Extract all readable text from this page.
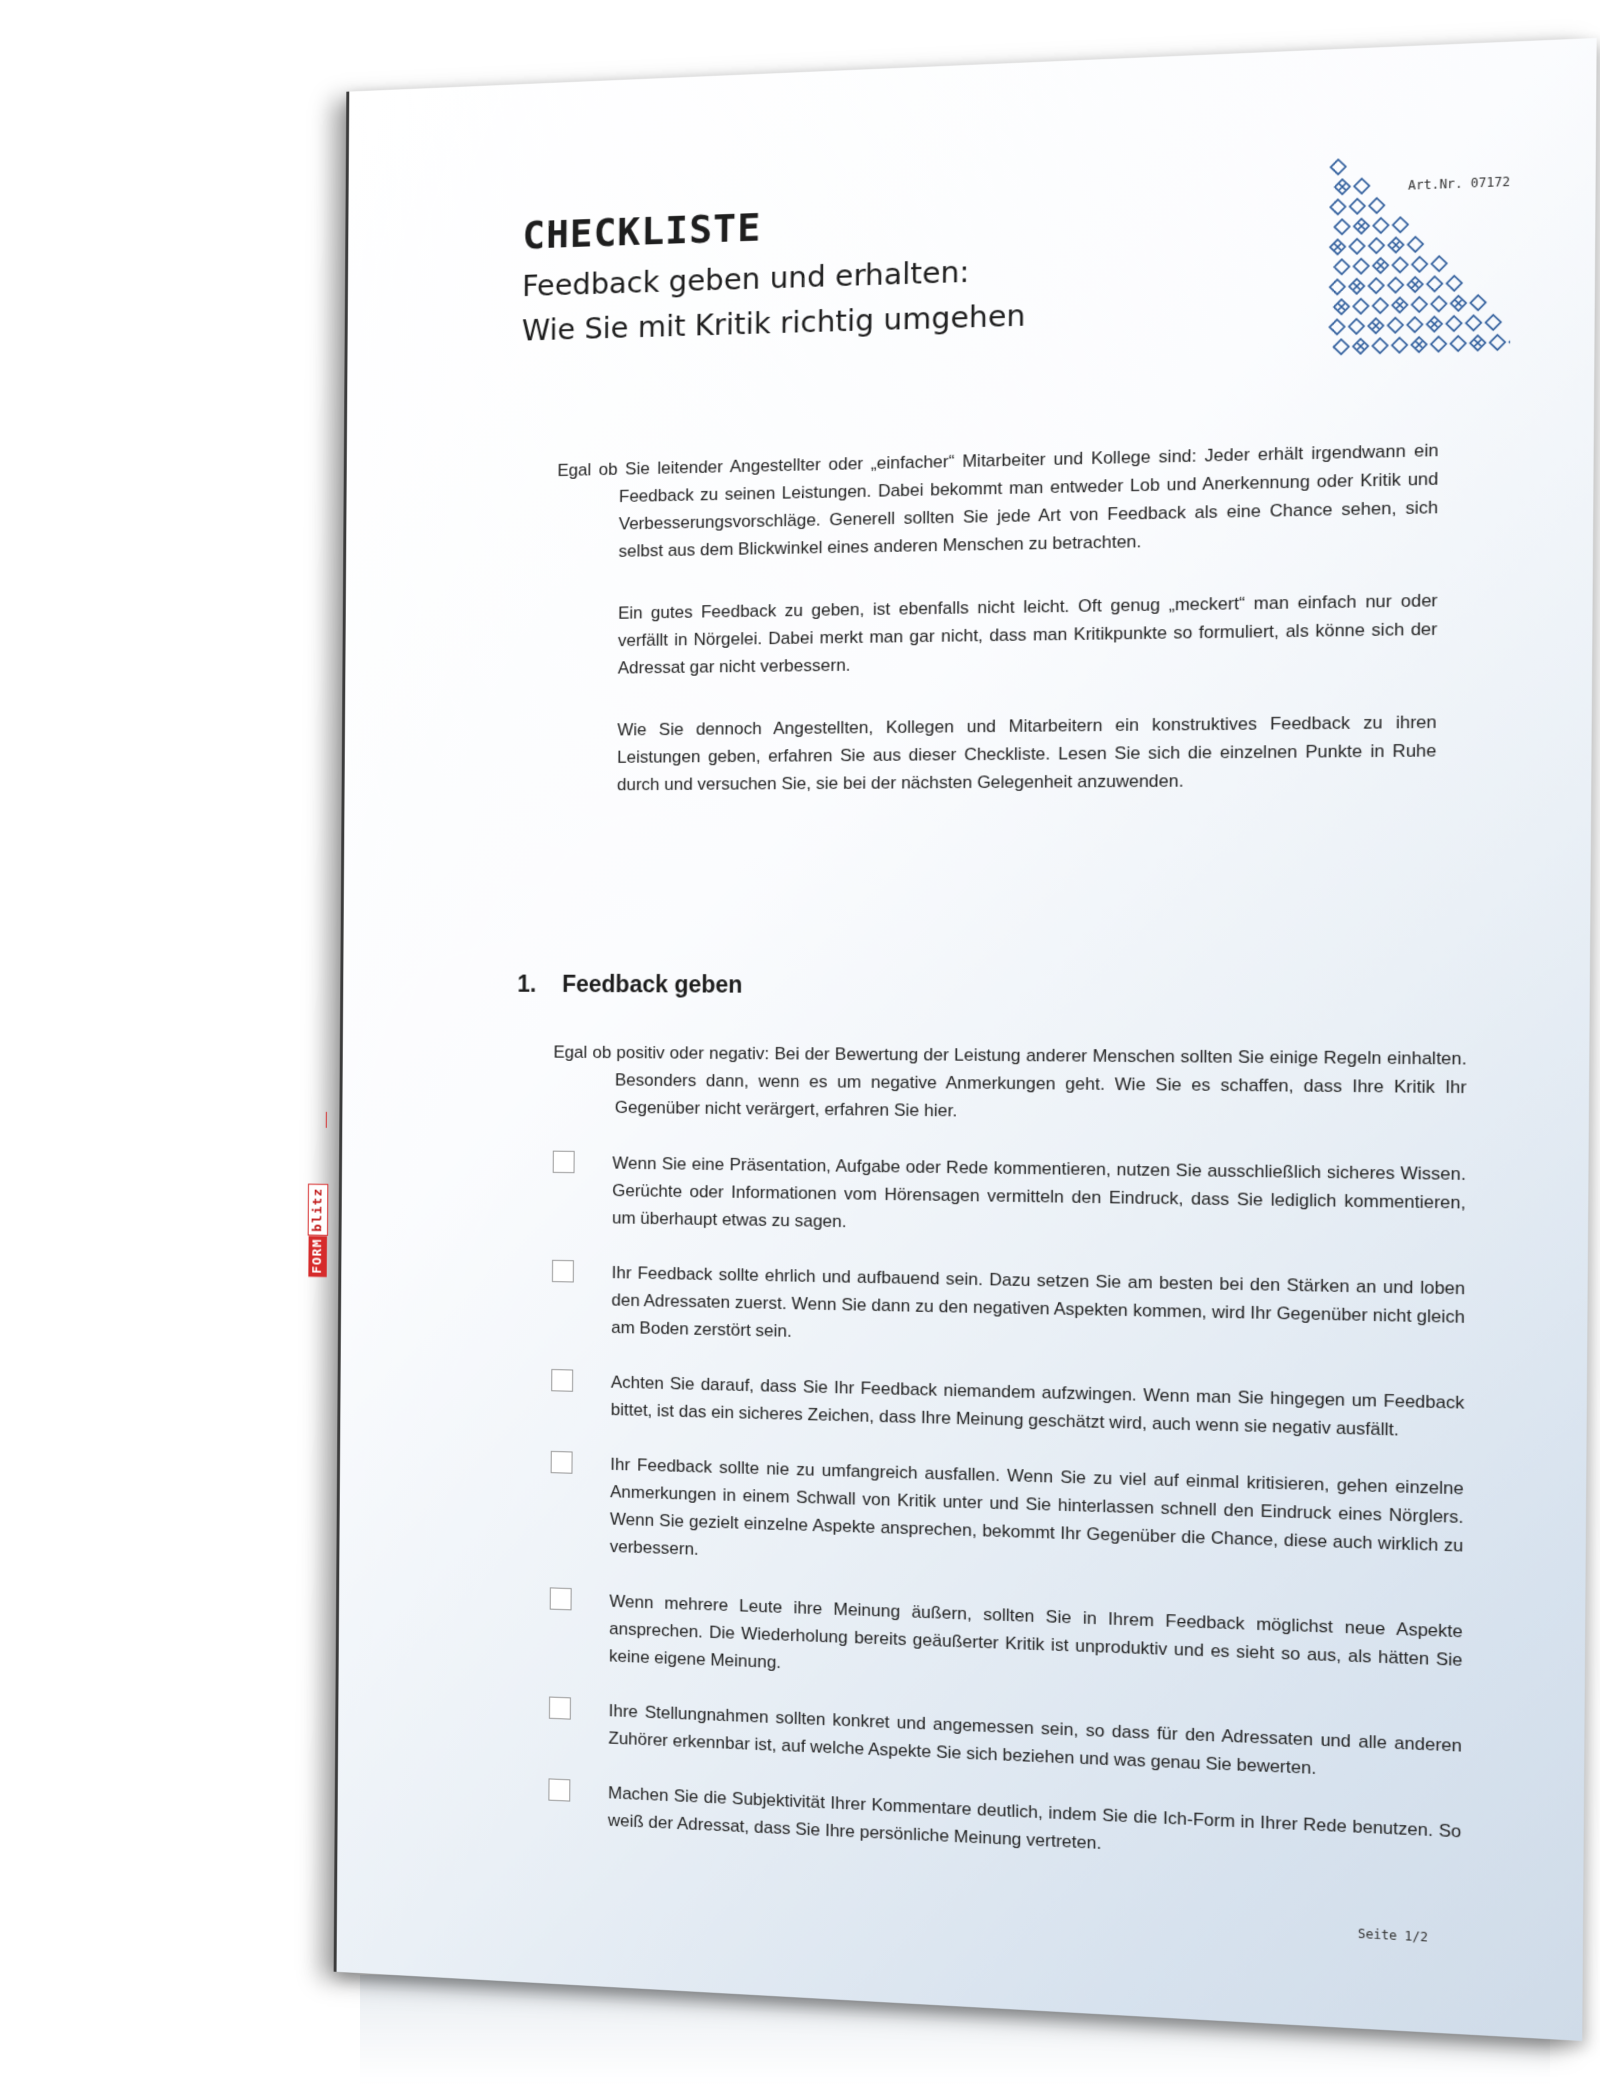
FORM
blitz
CHECKLISTE
Feedback geben und erhalten:
Wie Sie mit Kritik richtig umgehen
Art.Nr. 07172

Egal ob Sie leitender Angestellter oder „einfacher“ Mitarbeiter und Kollege sind: Jeder erhält irgendwann ein Feedback zu seinen Leistungen. Dabei bekommt man entweder Lob und Anerkennung oder Kritik und Verbesserungsvorschläge. Generell sollten Sie jede Art von Feedback als eine Chance sehen, sich selbst aus dem Blickwinkel eines anderen Menschen zu betrachten.

Ein gutes Feedback zu geben, ist ebenfalls nicht leicht. Oft genug „meckert“ man einfach nur oder verfällt in Nörgelei. Dabei merkt man gar nicht, dass man Kritikpunkte so formuliert, als könne sich der Adressat gar nicht verbessern.

Wie Sie dennoch Angestellten, Kollegen und Mitarbeitern ein konstruktives Feedback zu ihren Leistungen geben, erfahren Sie aus dieser Checkliste. Lesen Sie sich die einzelnen Punkte in Ruhe durch und versuchen Sie, sie bei der nächsten Gelegenheit anzuwenden.

1. Feedback geben

Egal ob positiv oder negativ: Bei der Bewertung der Leistung anderer Menschen sollten Sie einige Regeln einhalten. Besonders dann, wenn es um negative Anmerkungen geht. Wie Sie es schaffen, dass Ihre Kritik Ihr Gegenüber nicht verärgert, erfahren Sie hier.

Wenn Sie eine Präsentation, Aufgabe oder Rede kommentieren, nutzen Sie ausschließlich sicheres Wissen. Gerüchte oder Informationen vom Hörensagen vermitteln den Eindruck, dass Sie lediglich kommentieren, um überhaupt etwas zu sagen.
Ihr Feedback sollte ehrlich und aufbauend sein. Dazu setzen Sie am besten bei den Stärken an und loben den Adressaten zuerst. Wenn Sie dann zu den negativen Aspekten kommen, wird Ihr Gegenüber nicht gleich am Boden zerstört sein.
Achten Sie darauf, dass Sie Ihr Feedback niemandem aufzwingen. Wenn man Sie hingegen um Feedback bittet, ist das ein sicheres Zeichen, dass Ihre Meinung geschätzt wird, auch wenn sie negativ ausfällt.
Ihr Feedback sollte nie zu umfangreich ausfallen. Wenn Sie zu viel auf einmal kritisieren, gehen einzelne Anmerkungen in einem Schwall von Kritik unter und Sie hinterlassen schnell den Eindruck eines Nörglers. Wenn Sie gezielt einzelne Aspekte ansprechen, bekommt Ihr Gegenüber die Chance, diese auch wirklich zu verbessern.
Wenn mehrere Leute ihre Meinung äußern, sollten Sie in Ihrem Feedback möglichst neue Aspekte ansprechen. Die Wiederholung bereits geäußerter Kritik ist unproduktiv und es sieht so aus, als hätten Sie keine eigene Meinung.
Ihre Stellungnahmen sollten konkret und angemessen sein, so dass für den Adressaten und alle anderen Zuhörer erkennbar ist, auf welche Aspekte Sie sich beziehen und was genau Sie bewerten.
Machen Sie die Subjektivität Ihrer Kommentare deutlich, indem Sie die Ich-Form in Ihrer Rede benutzen. So weiß der Adressat, dass Sie Ihre persönliche Meinung vertreten.
Seite 1/2
